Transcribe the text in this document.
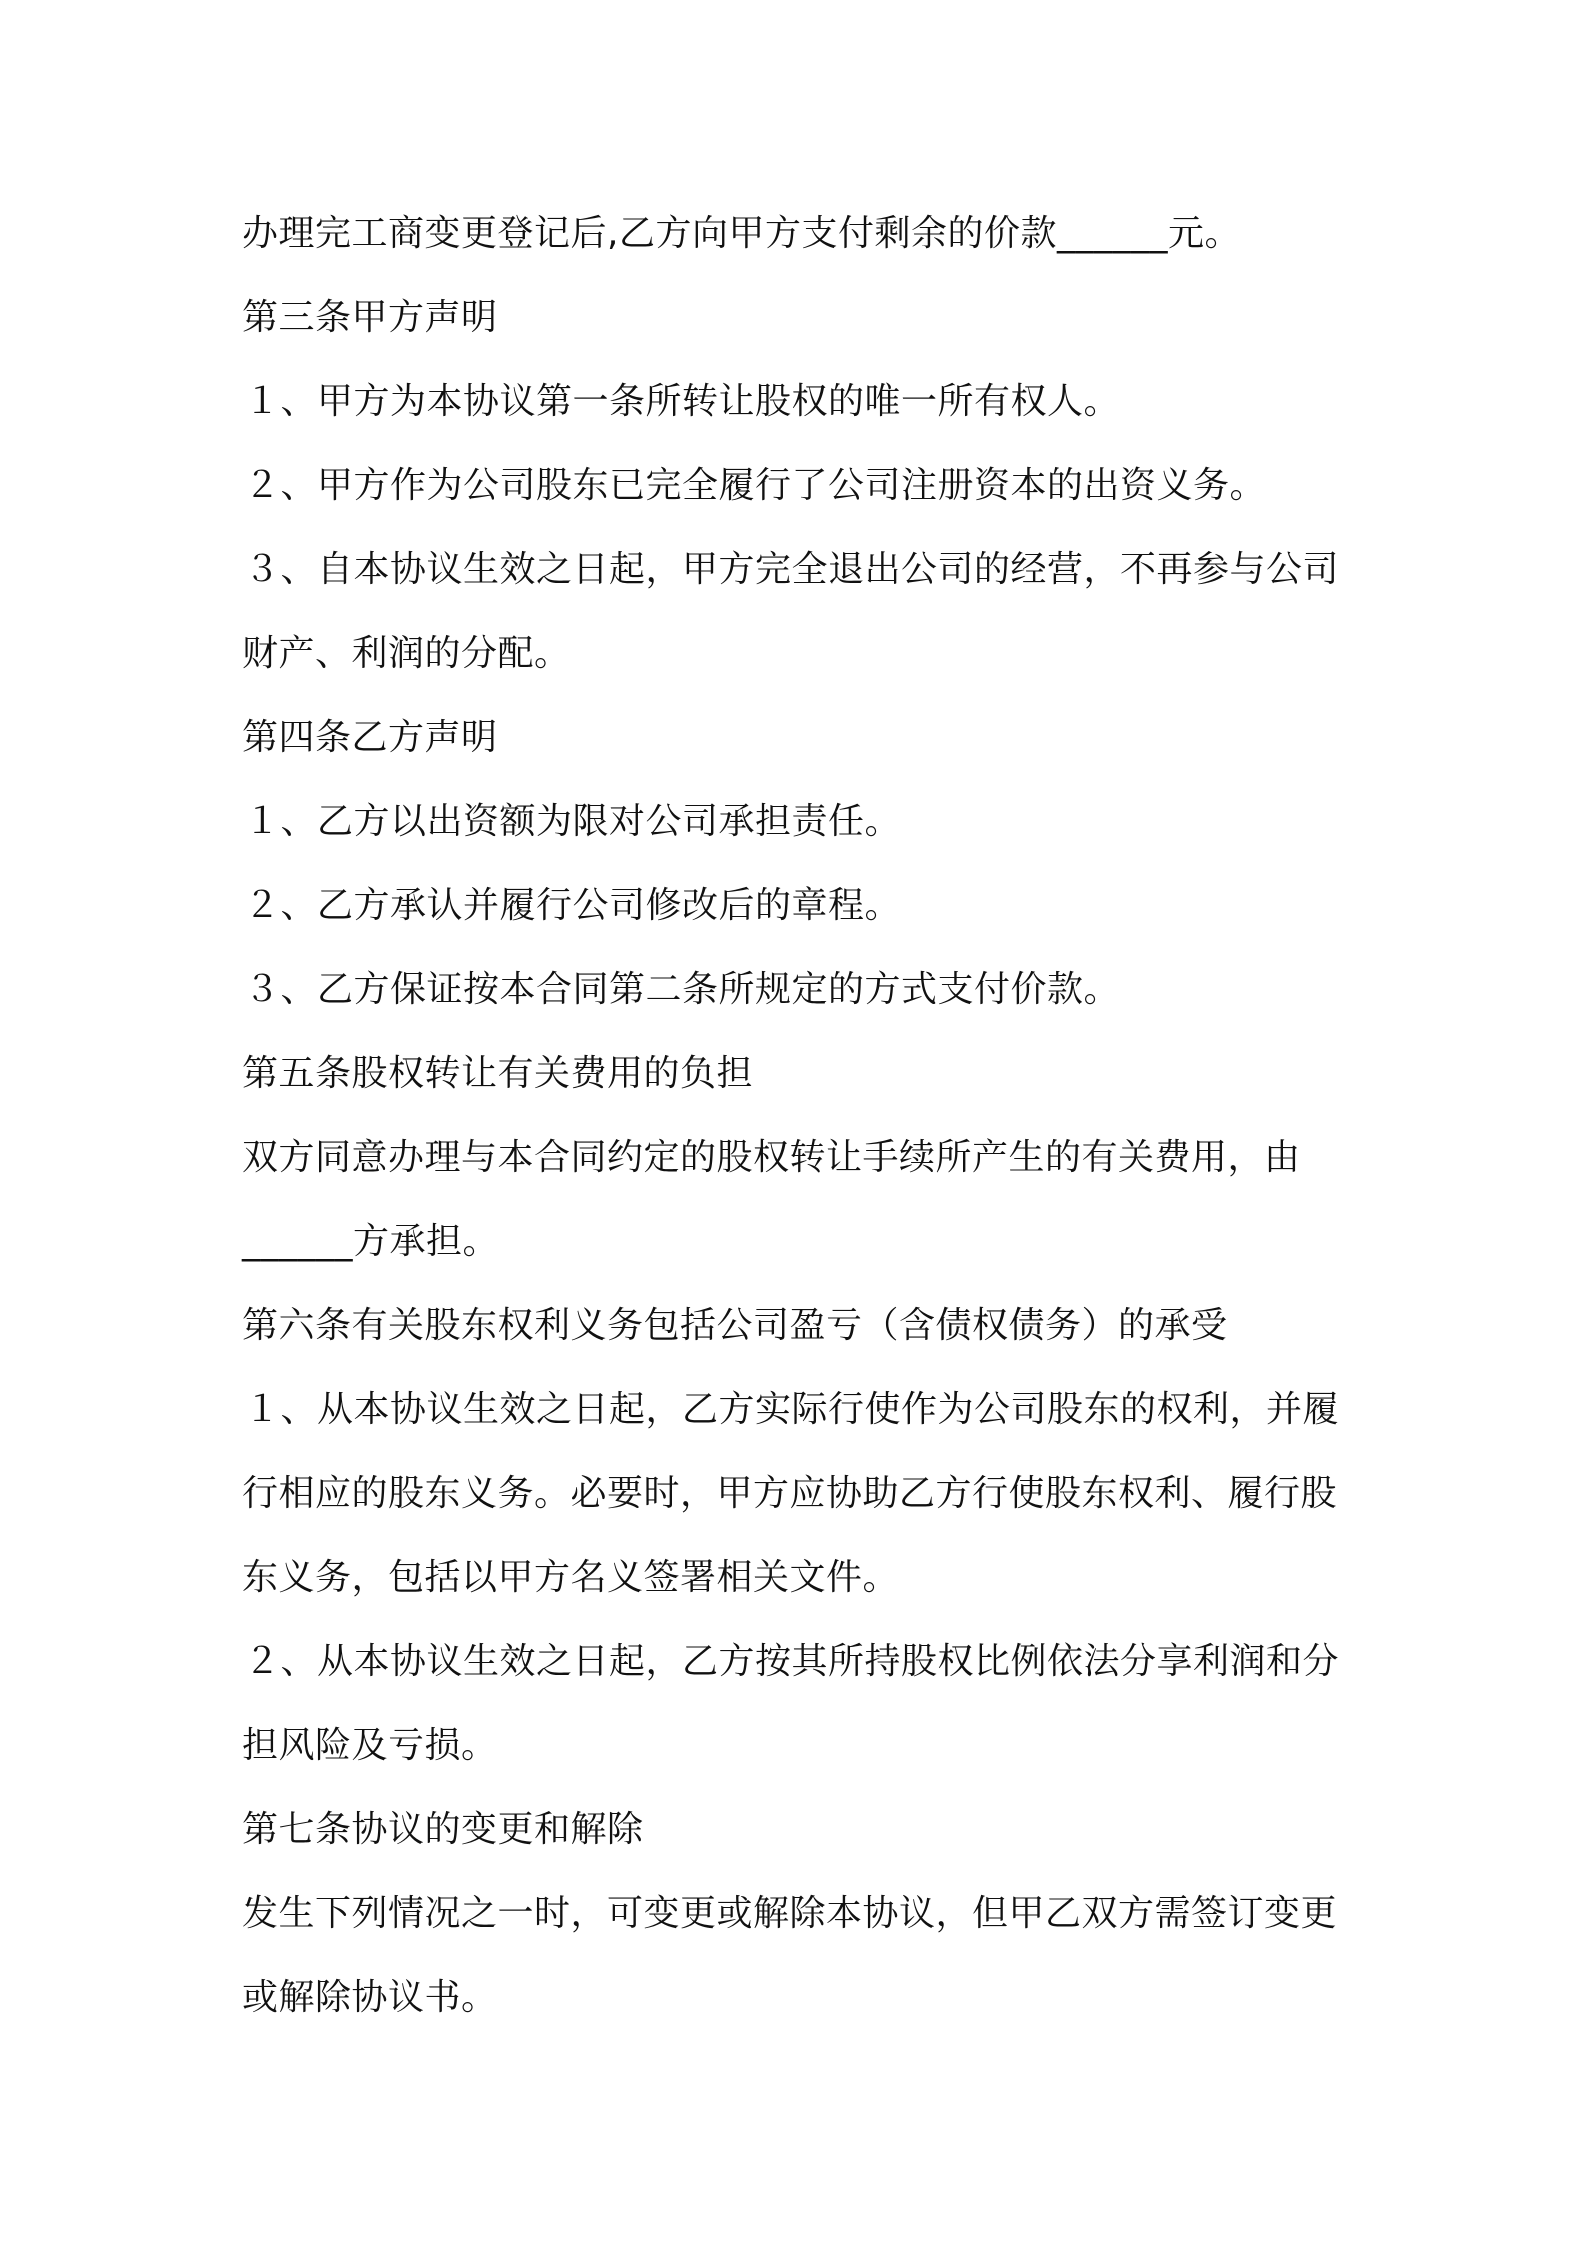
办理完工商变更登记后,乙方向甲方支付剩余的价款______元。
第三条甲方声明
１、甲方为本协议第一条所转让股权的唯一所有权人。
２、甲方作为公司股东已完全履行了公司注册资本的出资义务。
３、自本协议生效之日起，甲方完全退出公司的经营，不再参与公司
财产、利润的分配。
第四条乙方声明
１、乙方以出资额为限对公司承担责任。
２、乙方承认并履行公司修改后的章程。
３、乙方保证按本合同第二条所规定的方式支付价款。
第五条股权转让有关费用的负担
双方同意办理与本合同约定的股权转让手续所产生的有关费用，由
______方承担。
第六条有关股东权利义务包括公司盈亏（含债权债务）的承受
１、从本协议生效之日起，乙方实际行使作为公司股东的权利，并履
行相应的股东义务。必要时，甲方应协助乙方行使股东权利、履行股
东义务，包括以甲方名义签署相关文件。
２、从本协议生效之日起，乙方按其所持股权比例依法分享利润和分
担风险及亏损。
第七条协议的变更和解除
发生下列情况之一时，可变更或解除本协议，但甲乙双方需签订变更
或解除协议书。
